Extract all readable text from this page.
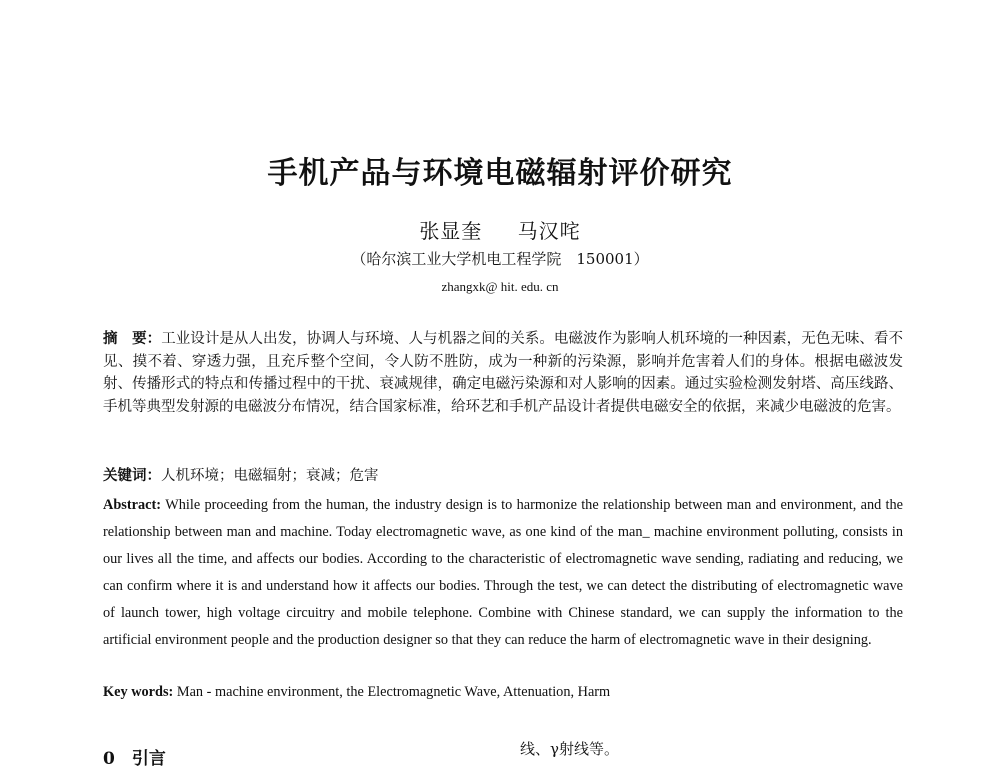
手机产品与环境电磁辐射评价研究
张显奎 马汉咤
（哈尔滨工业大学机电工程学院　150001）
zhangxk@ hit. edu. cn
摘　要：工业设计是从人出发，协调人与环境、人与机器之间的关系。电磁波作为影响人机环境的一种因素，无色无味、看不见、摸不着、穿透力强，且充斥整个空间，令人防不胜防，成为一种新的污染源，影响并危害着人们的身体。根据电磁波发射、传播形式的特点和传播过程中的干扰、衰减规律，确定电磁污染源和对人影响的因素。通过实验检测发射塔、高压线路、手机等典型发射源的电磁波分布情况，结合国家标准，给环艺和手机产品设计者提供电磁安全的依据，来减少电磁波的危害。
关键词：人机环境；电磁辐射；衰减；危害
Abstract: While proceeding from the human, the industry design is to harmonize the relationship between man and environment, and the relationship between man and machine. Today electromagnetic wave, as one kind of the man_ machine environment polluting, consists in our lives all the time, and affects our bodies. According to the characteristic of electromagnetic wave sending, radiating and reducing, we can confirm where it is and understand how it affects our bodies. Through the test, we can detect the distributing of electromagnetic wave of launch tower, high voltage circuitry and mobile telephone. Combine with Chinese standard, we can supply the information to the artificial environment people and the production designer so that they can reduce the harm of electromagnetic wave in their designing.
Key words: Man - machine environment, the Electromagnetic Wave, Attenuation, Harm
0　引言	线、γ射线等。
